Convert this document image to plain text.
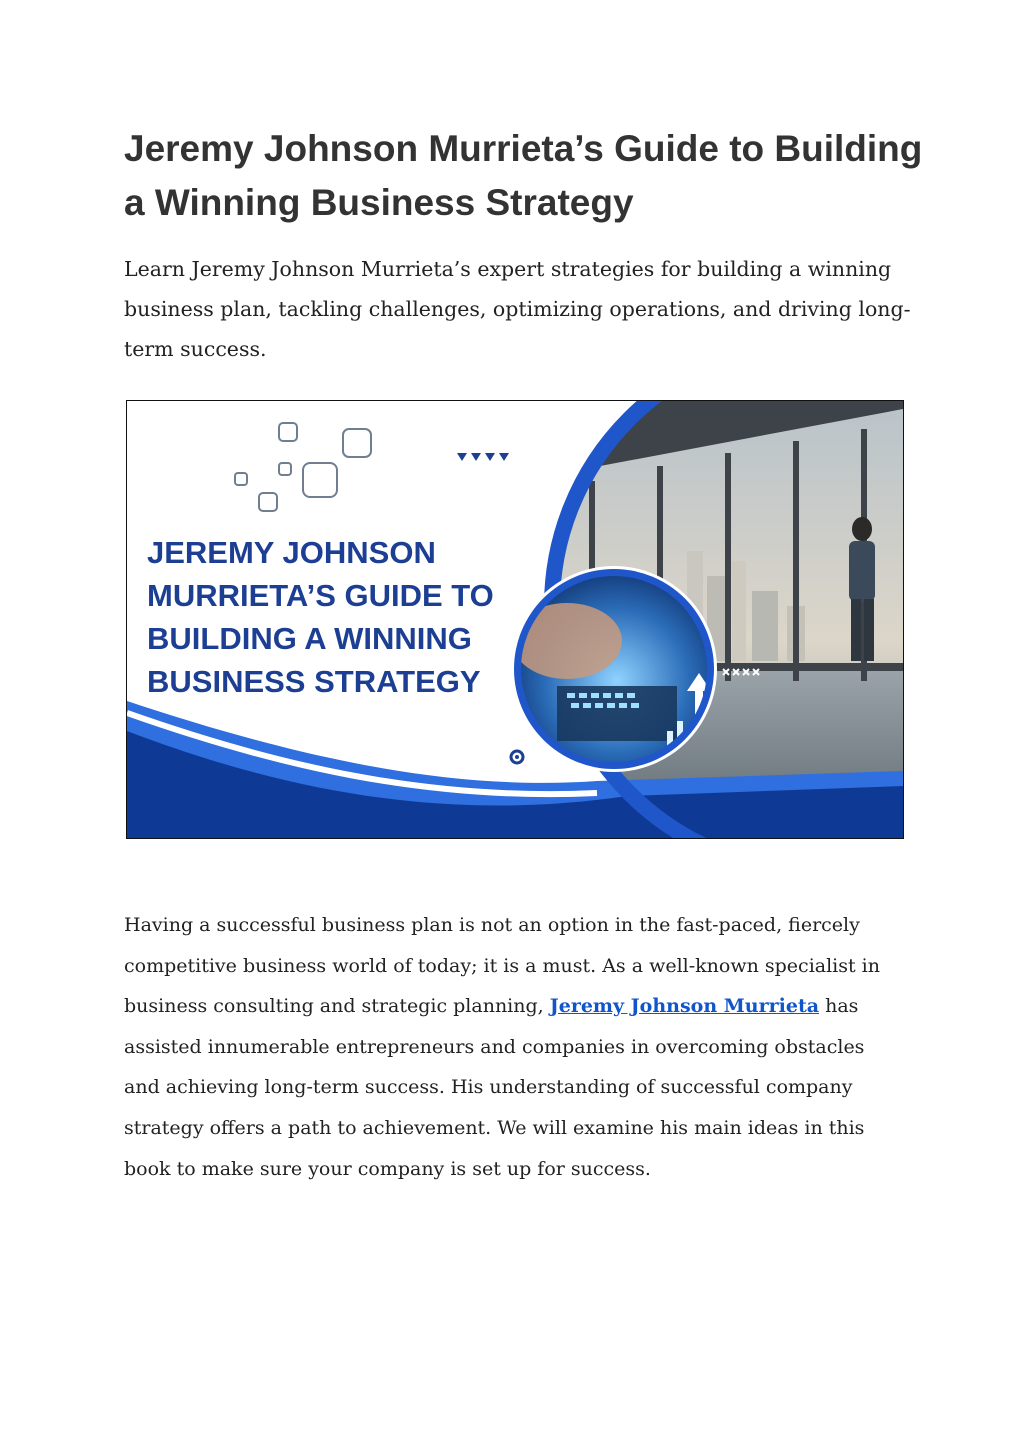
Jeremy Johnson Murrieta’s Guide to Building a Winning Business Strategy

Learn Jeremy Johnson Murrieta’s expert strategies for building a winning business plan, tackling challenges, optimizing operations, and driving long-term success.

JEREMY JOHNSON MURRIETA’S GUIDE TO BUILDING A WINNING BUSINESS STRATEGY

Having a successful business plan is not an option in the fast-paced, fiercely competitive business world of today; it is a must. As a well-known specialist in business consulting and strategic planning, Jeremy Johnson Murrieta has assisted innumerable entrepreneurs and companies in overcoming obstacles and achieving long-term success. His understanding of successful company strategy offers a path to achievement. We will examine his main ideas in this book to make sure your company is set up for success.
